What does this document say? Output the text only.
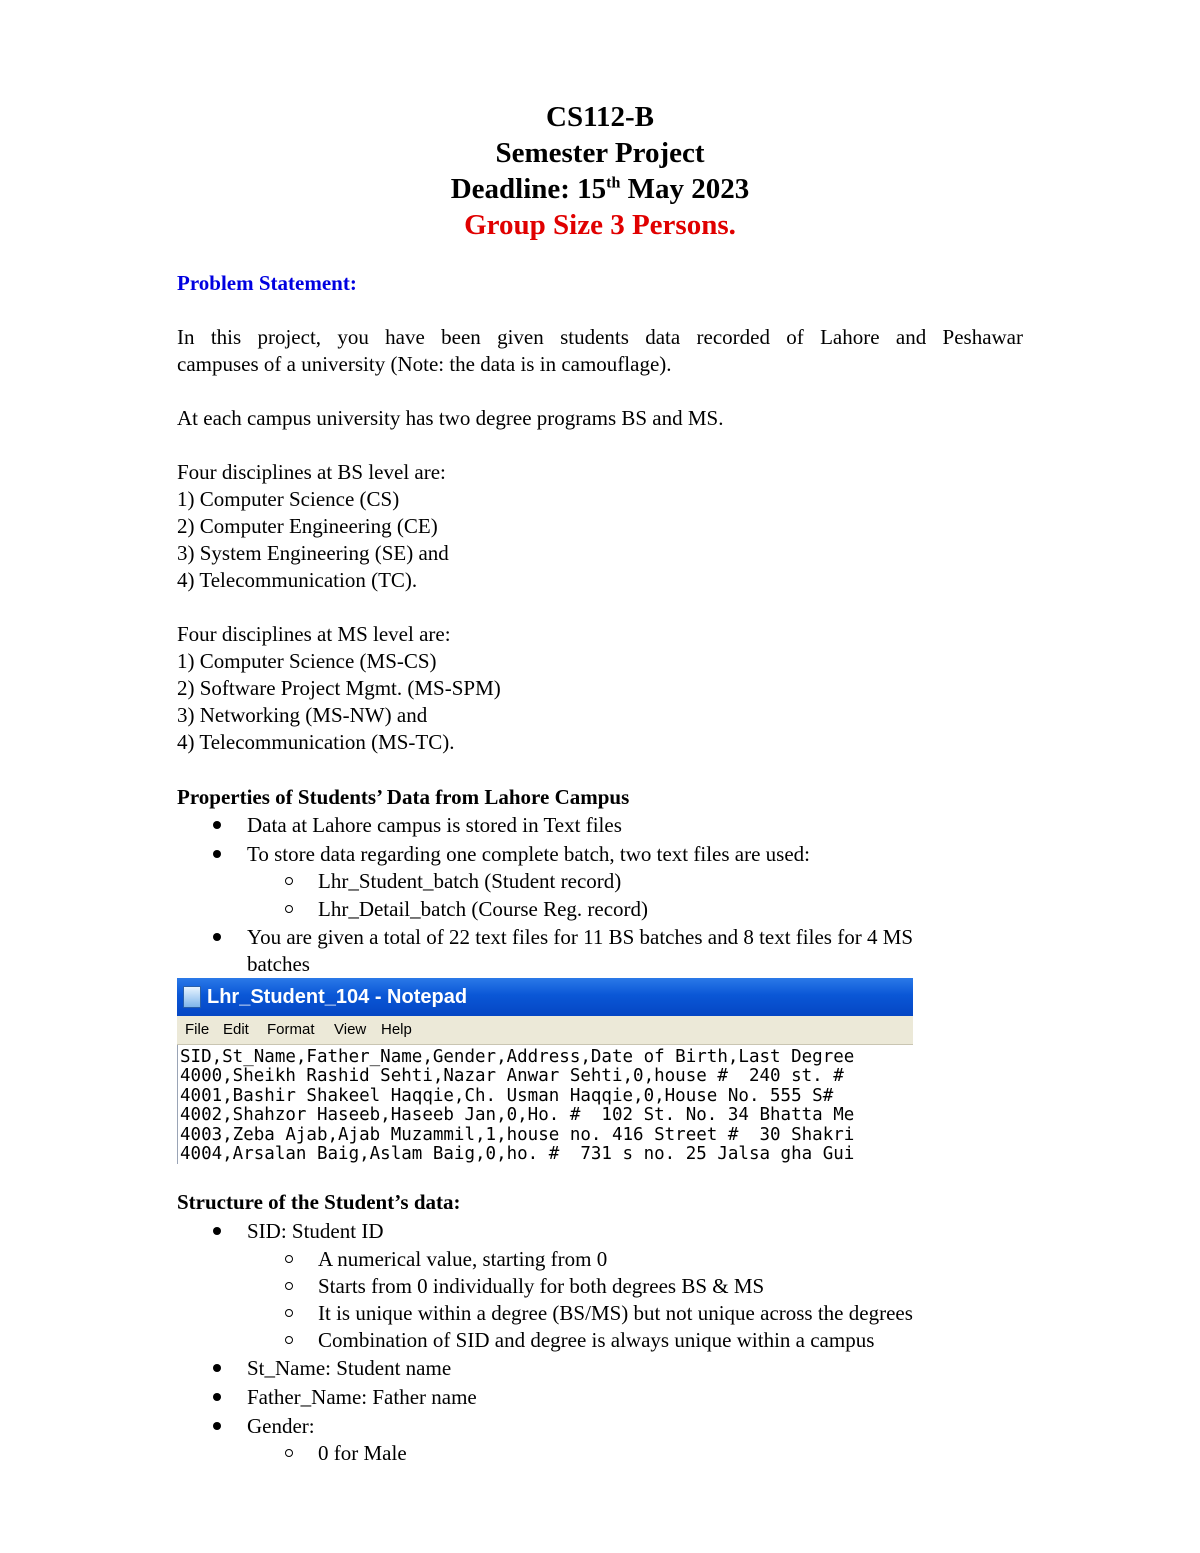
CS112-B
Semester Project
Deadline: 15th May 2023
Group Size 3 Persons.
Problem Statement:
In this project, you have been given students data recorded of Lahore and Peshawar
campuses of a university (Note: the data is in camouflage).
At each campus university has two degree programs BS and MS.
Four disciplines at BS level are:
1) Computer Science (CS)
2) Computer Engineering (CE)
3) System Engineering (SE) and
4) Telecommunication (TC).
Four disciplines at MS level are:
1) Computer Science (MS-CS)
2) Software Project Mgmt. (MS-SPM)
3) Networking (MS-NW) and
4) Telecommunication (MS-TC).
Properties of Students’ Data from Lahore Campus
Data at Lahore campus is stored in Text files
To store data regarding one complete batch, two text files are used:
Lhr_Student_batch (Student record)
Lhr_Detail_batch (Course Reg. record)
You are given a total of 22 text files for 11 BS batches and 8 text files for 4 MS
batches
Lhr_Student_104 - Notepad
File Edit Format View Help
SID,St_Name,Father_Name,Gender,Address,Date of Birth,Last Degree
4000,Sheikh Rashid Sehti,Nazar Anwar Sehti,0,house #  240 st. #
4001,Bashir Shakeel Haqqie,Ch. Usman Haqqie,0,House No. 555 S#
4002,Shahzor Haseeb,Haseeb Jan,0,Ho. #  102 St. No. 34 Bhatta Me
4003,Zeba Ajab,Ajab Muzammil,1,house no. 416 Street #  30 Shakri
4004,Arsalan Baig,Aslam Baig,0,ho. #  731 s no. 25 Jalsa gha Gui
Structure of the Student’s data:
SID: Student ID
A numerical value, starting from 0
Starts from 0 individually for both degrees BS & MS
It is unique within a degree (BS/MS) but not unique across the degrees
Combination of SID and degree is always unique within a campus
St_Name: Student name
Father_Name: Father name
Gender:
0 for Male
